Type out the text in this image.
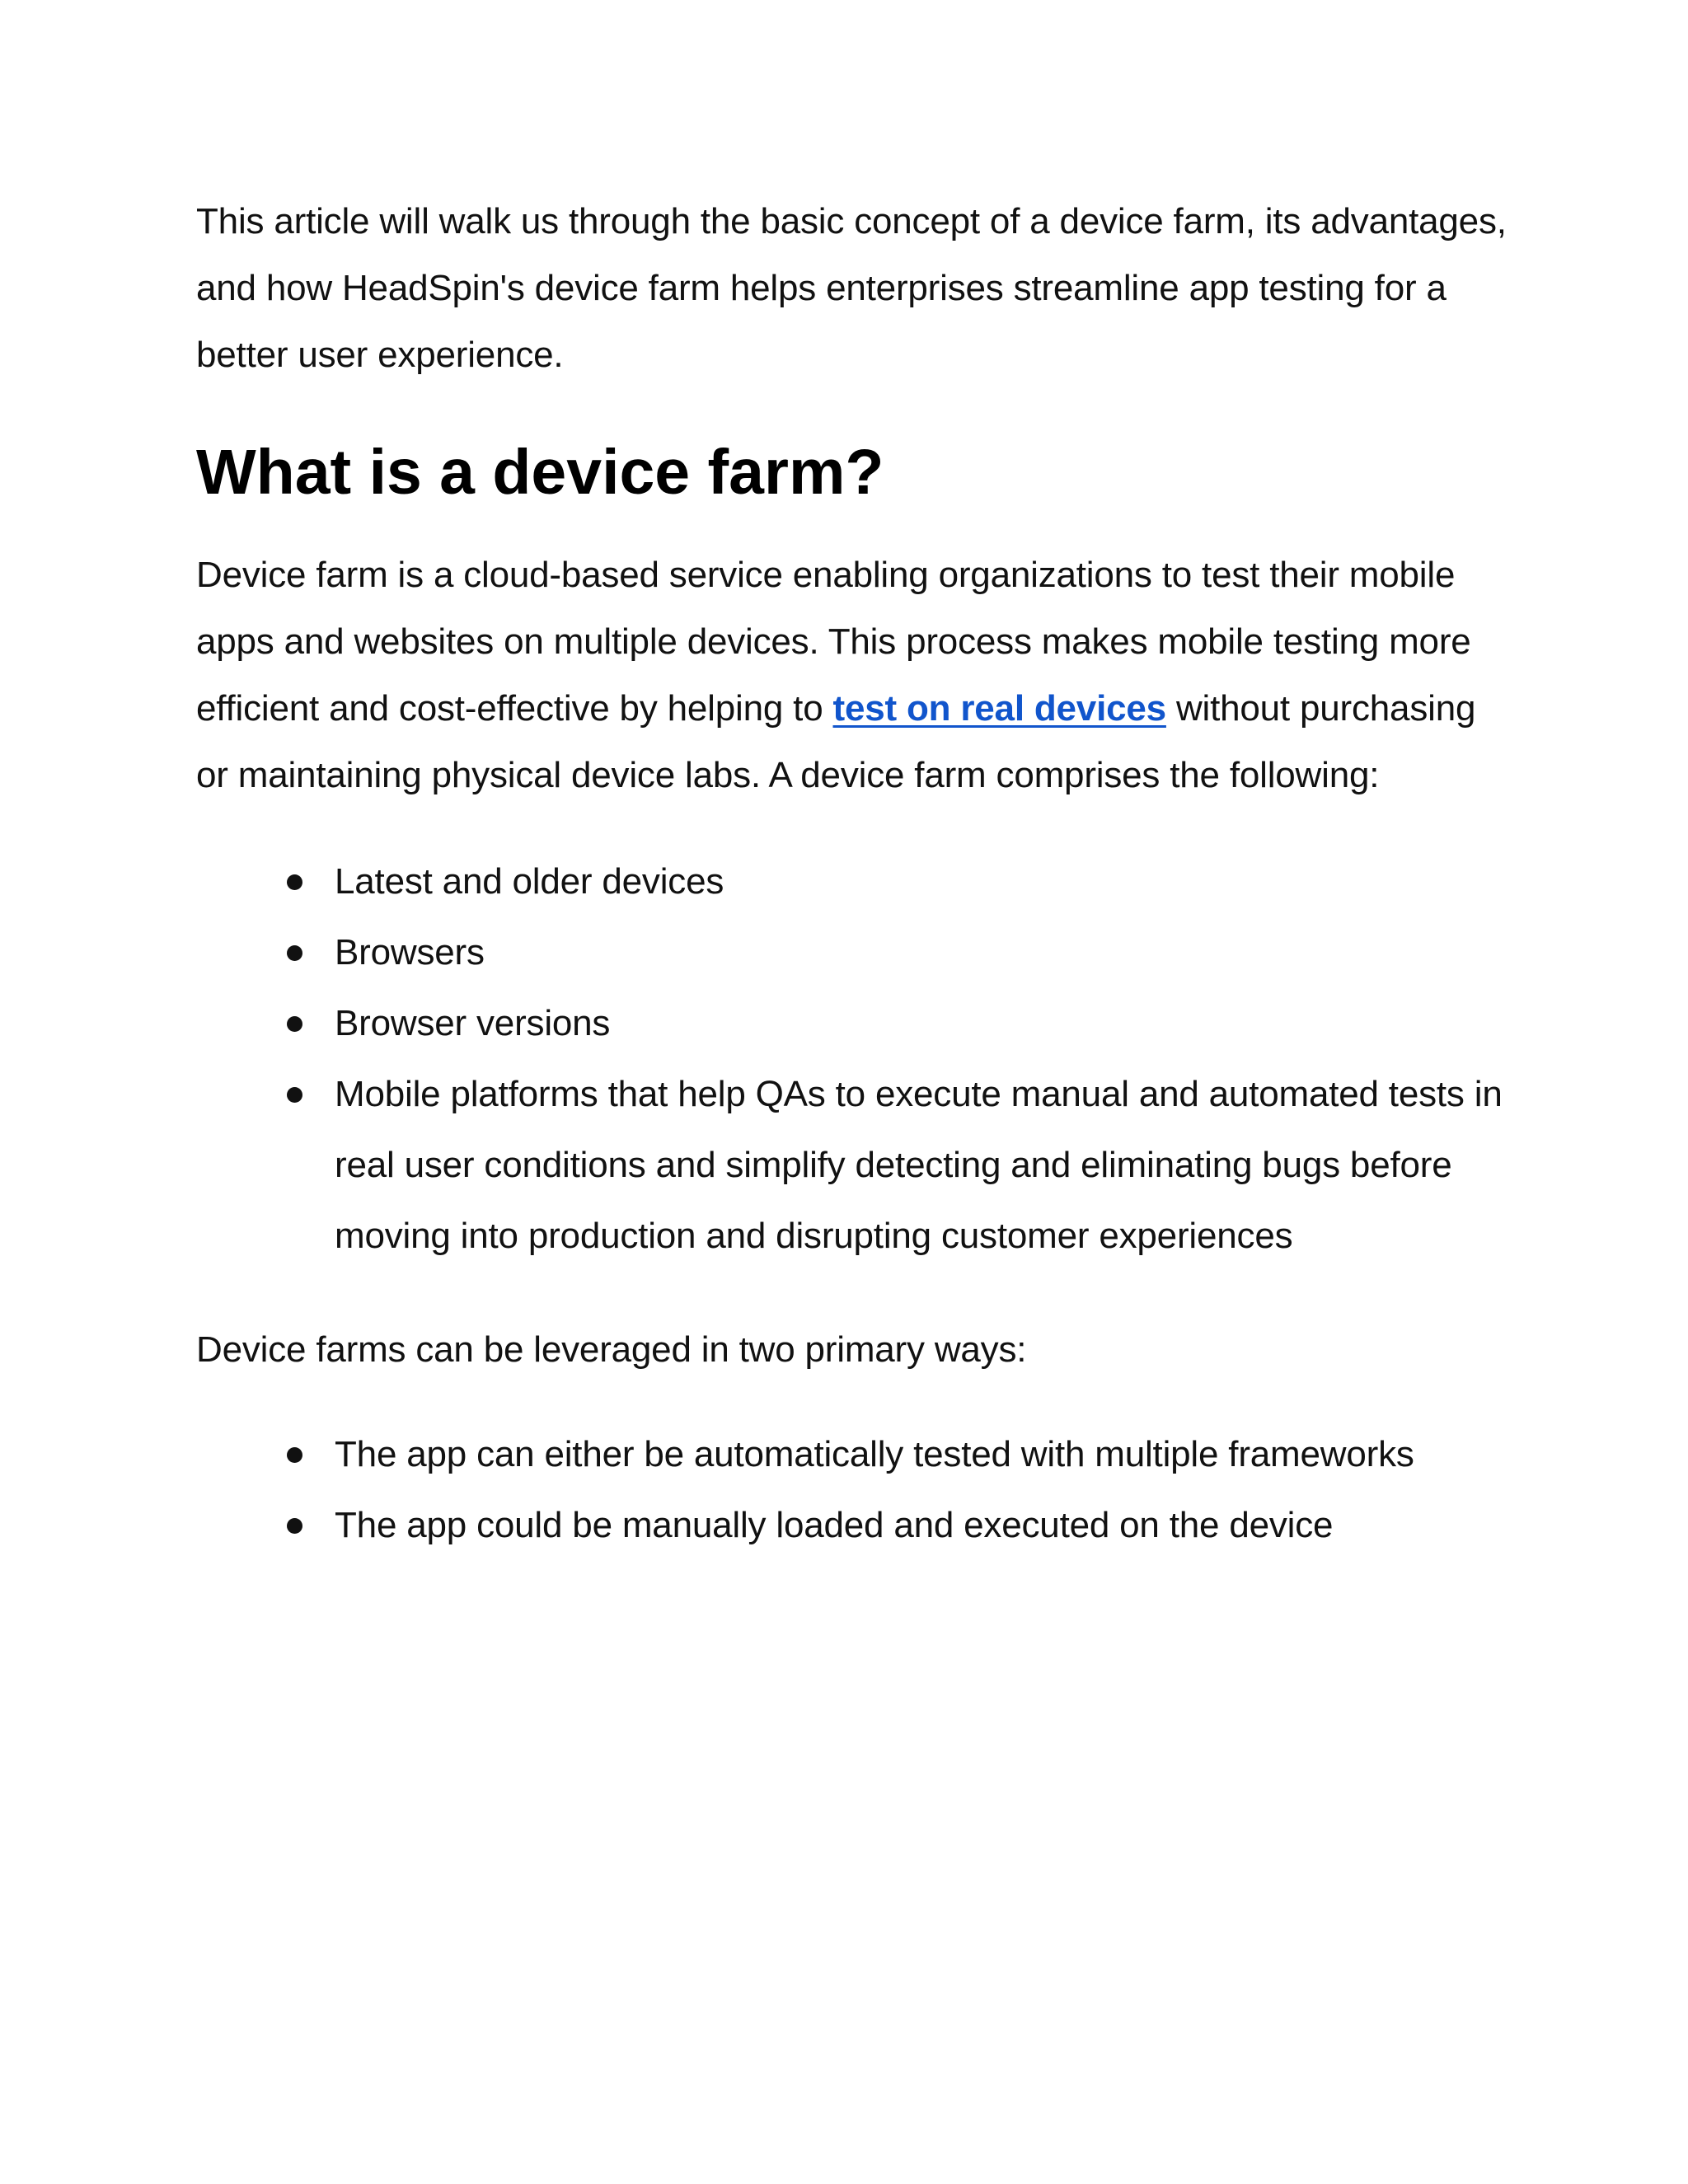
This article will walk us through the basic concept of a device farm, its advantages, and how HeadSpin's device farm helps enterprises streamline app testing for a better user experience.

What is a device farm?

Device farm is a cloud-based service enabling organizations to test their mobile apps and websites on multiple devices. This process makes mobile testing more efficient and cost-effective by helping to test on real devices without purchasing or maintaining physical device labs. A device farm comprises the following:

Latest and older devices
Browsers
Browser versions
Mobile platforms that help QAs to execute manual and automated tests in real user conditions and simplify detecting and eliminating bugs before moving into production and disrupting customer experiences

Device farms can be leveraged in two primary ways:

The app can either be automatically tested with multiple frameworks
The app could be manually loaded and executed on the device
